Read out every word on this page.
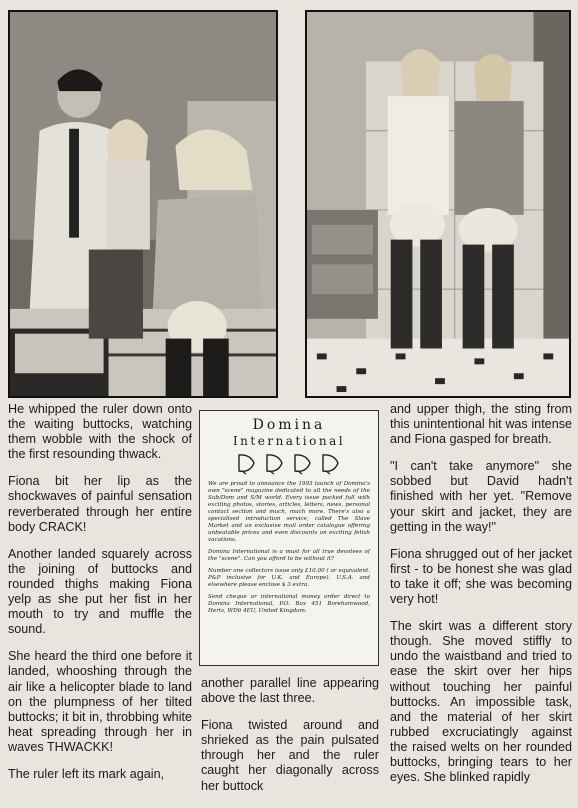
He whipped the ruler down onto the waiting buttocks, watching them wobble with the shock of the first resounding thwack.

Fiona bit her lip as the shockwaves of painful sensation reverberated through her entire body CRACK!

Another landed squarely across the joining of buttocks and rounded thighs making Fiona yelp as she put her fist in her mouth to try and muffle the sound.

She heard the third one before it landed, whooshing through the air like a helicopter blade to land on the plumpness of her tilted buttocks; it bit in, throbbing white heat spreading through her in waves THWACKK!

The ruler left its mark again,

Domina
International

We are proud to announce the 1993 launch of Domina's own "scene" magazine dedicated to all the needs of the Sub/Dom and S/M world. Every issue packed full with exciting photos, stories, articles, letters, news, personal contact section and much, much more. There's also a specialised introduction service, called The Slave Market and an exclusive mail order catalogue offering unbeatable prices and even discounts on exciting fetish vacations.

Domina International is a must for all true devotees of the "scene". Can you afford to be without it?

Number one collectors issue only £10.00 ( or equivalent. P&P inclusive for U.K. and Europe). U.S.A. and elsewhere please enclose $ 3 extra.

Send cheque or international money order direct to Domina International, P.O. Box 451 Borehamwood, Herts, WD6 4EU, United Kingdom.

another parallel line appearing above the last three.

Fiona twisted around and shrieked as the pain pulsated through her and the ruler caught her diagonally across her buttock

and upper thigh, the sting from this unintentional hit was intense and Fiona gasped for breath.

"I can't take anymore" she sobbed but David hadn't finished with her yet. "Remove your skirt and jacket, they are getting in the way!"

Fiona shrugged out of her jacket first - to be honest she was glad to take it off; she was becoming very hot!

The skirt was a different story though. She moved stiffly to undo the waistband and tried to ease the skirt over her hips without touching her painful buttocks. An impossible task, and the material of her skirt rubbed excruciatingly against the raised welts on her rounded buttocks, bringing tears to her eyes. She blinked rapidly
